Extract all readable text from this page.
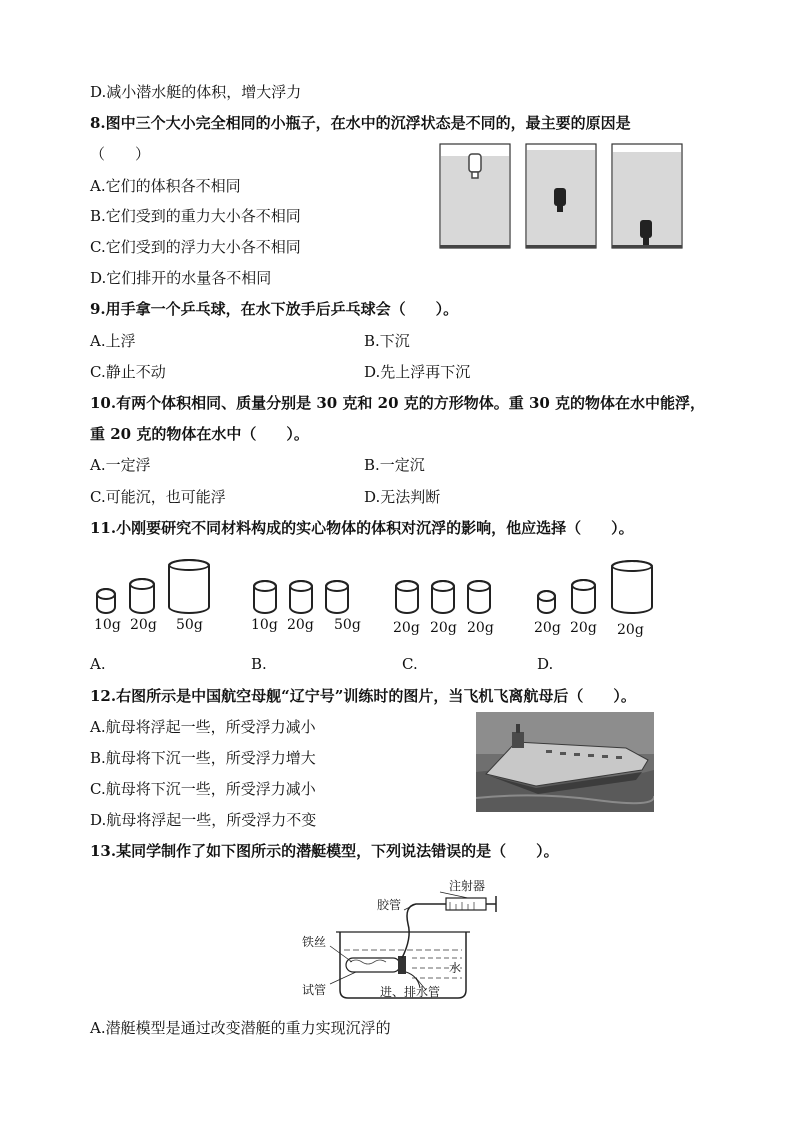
D.减小潜水艇的体积，增大浮力
8.图中三个大小完全相同的小瓶子，在水中的沉浮状态是不同的，最主要的原因是
（　　）
A.它们的体积各不相同
B.它们受到的重力大小各不相同
C.它们受到的浮力大小各不相同
D.它们排开的水量各不相同
9.用手拿一个乒乓球，在水下放手后乒乓球会（　　）。
A.上浮	B.下沉
C.静止不动	D.先上浮再下沉
10.有两个体积相同、质量分别是 30 克和 20 克的方形物体。重 30 克的物体在水中能浮，
重 20 克的物体在水中（　　）。
A.一定浮	B.一定沉
C.可能沉，也可能浮	D.无法判断
11.小刚要研究不同材料构成的实心物体的体积对沉浮的影响，他应选择（　　）。
10g 20g 50g
A.
10g 20g 50g
B.
20g 20g 20g
C.
20g 20g 20g
D.
12.右图所示是中国航空母舰“辽宁号”训练时的图片，当飞机飞离航母后（　　）。
A.航母将浮起一些，所受浮力减小
B.航母将下沉一些，所受浮力增大
C.航母将下沉一些，所受浮力减小
D.航母将浮起一些，所受浮力不变
13.某同学制作了如下图所示的潜艇模型，下列说法错误的是（　　）。
注射器
胶管
铁丝
水
试管	进、排水管
A.潜艇模型是通过改变潜艇的重力实现沉浮的
